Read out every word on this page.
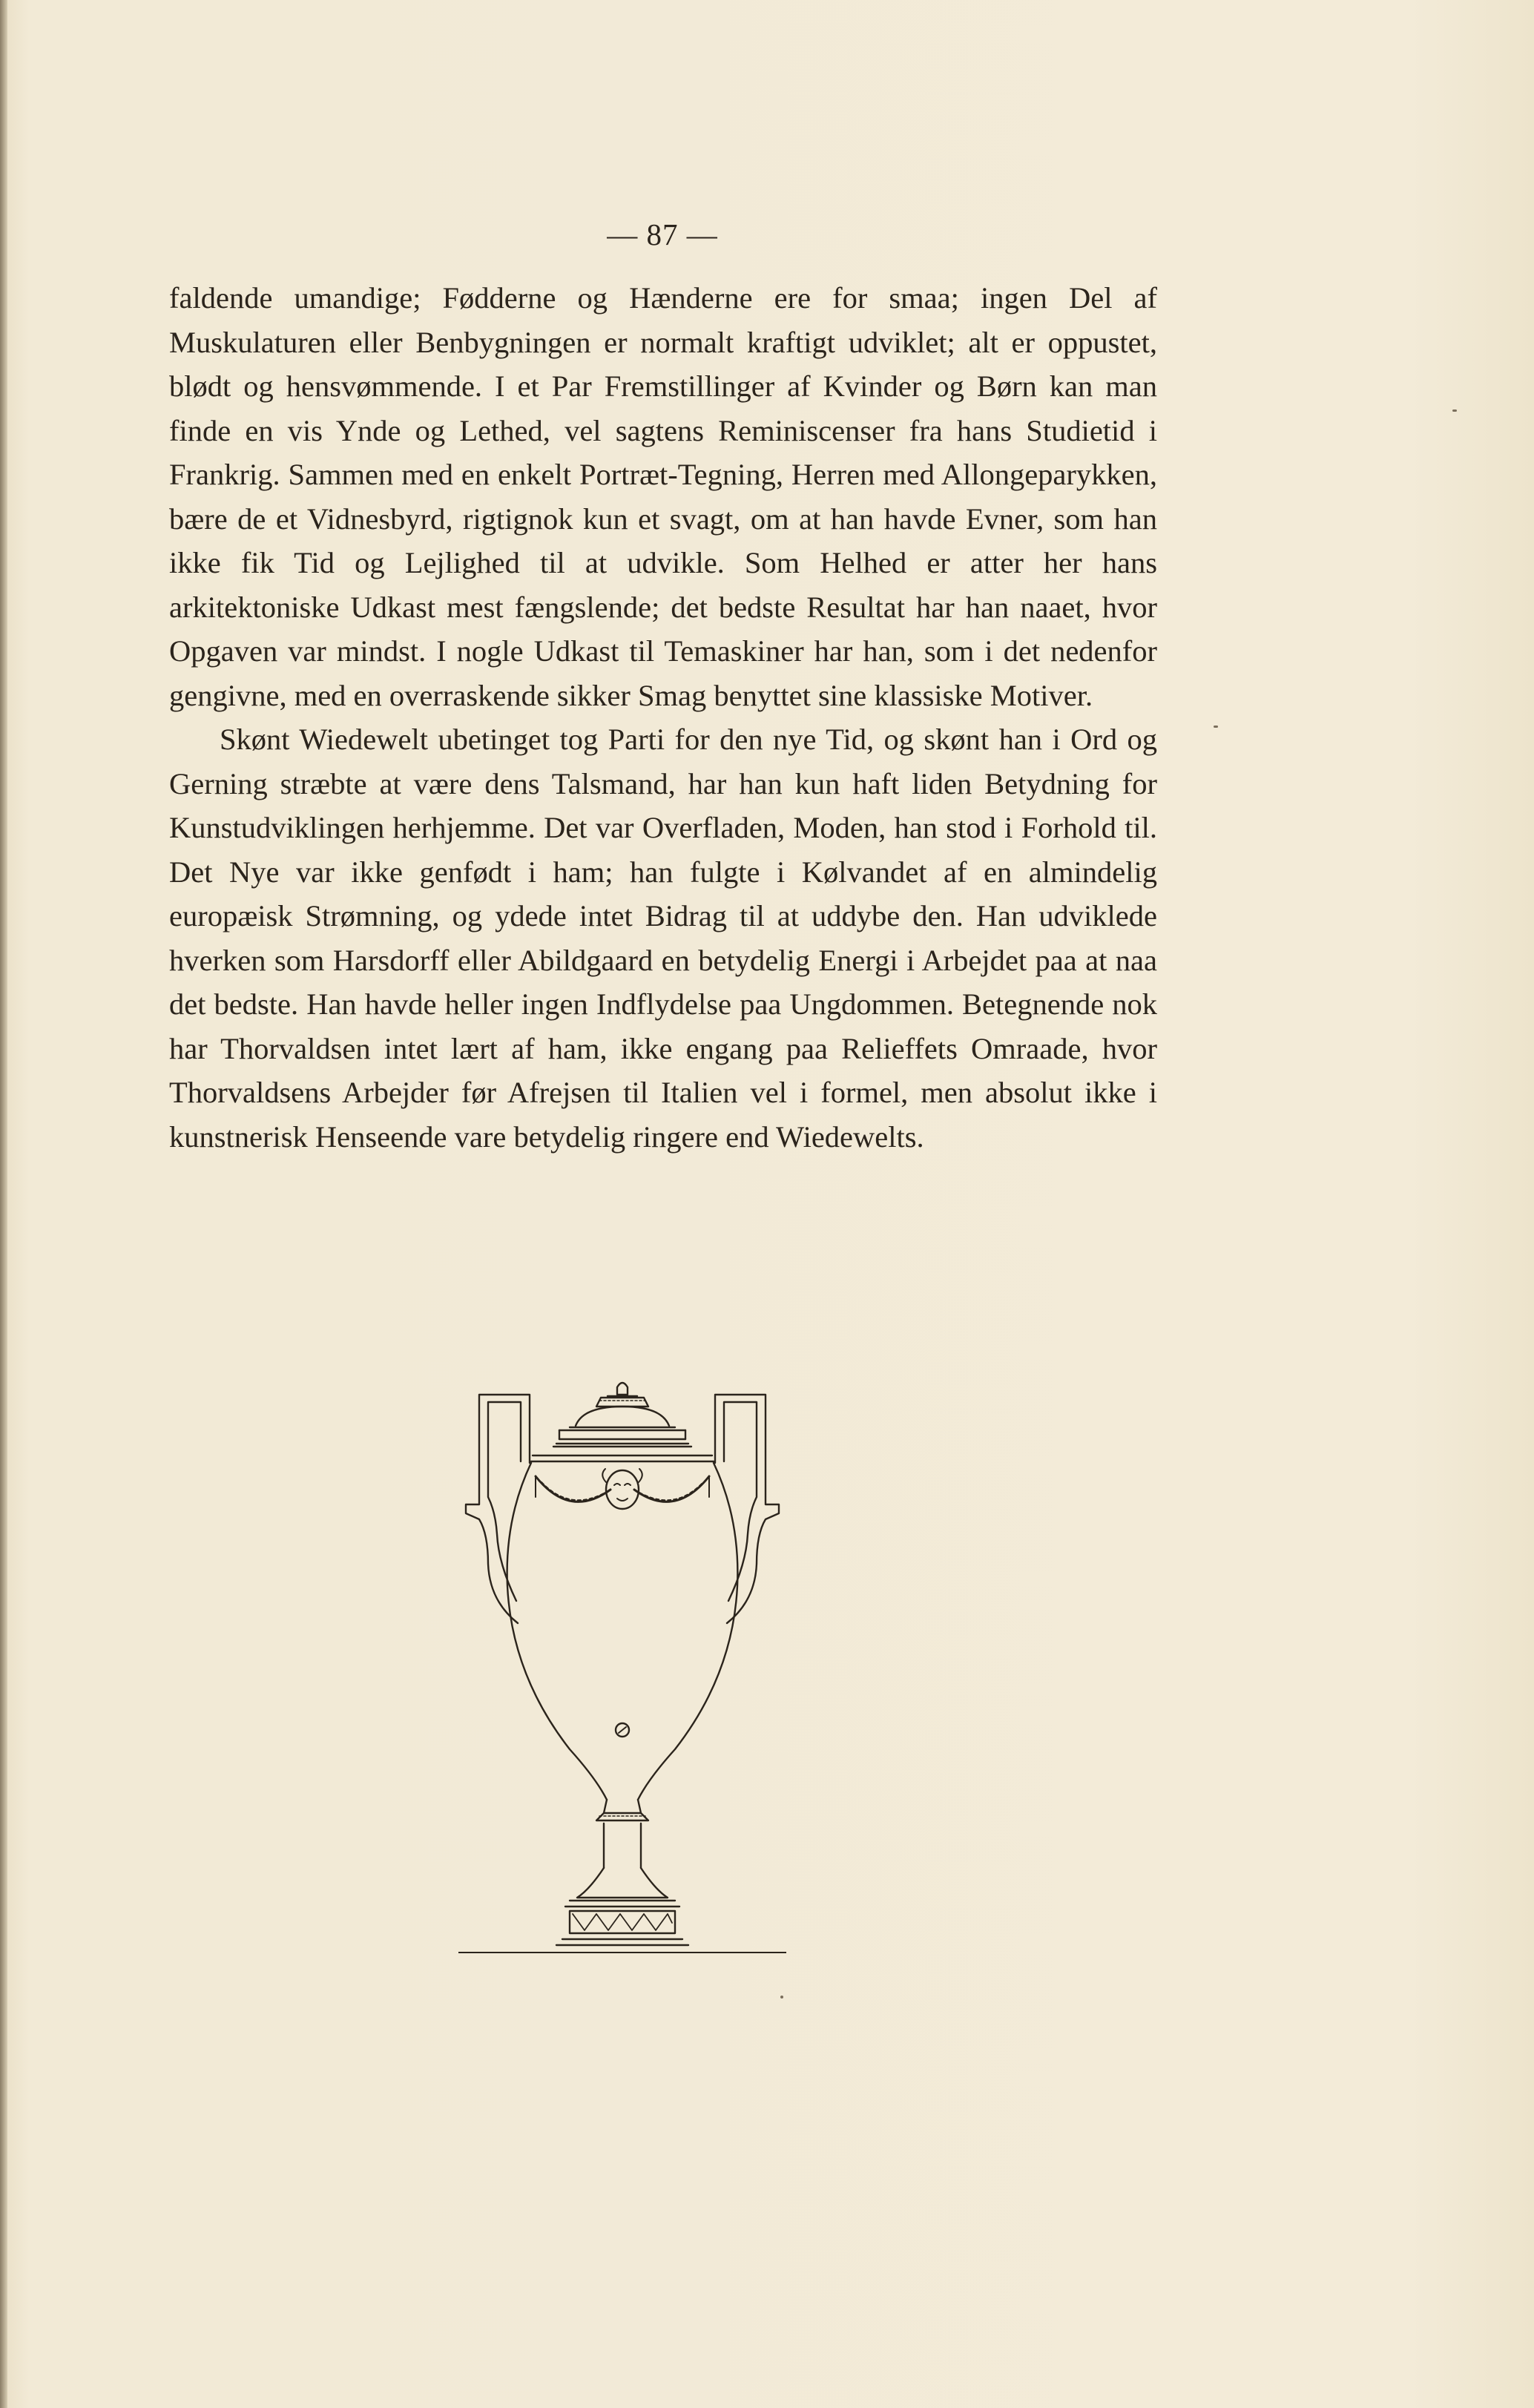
— 87 —

faldende umandige; Fødderne og Hænderne ere for smaa; ingen Del af Muskulaturen eller Benbygningen er normalt kraftigt udviklet; alt er oppustet, blødt og hensvømmende. I et Par Fremstillinger af Kvinder og Børn kan man finde en vis Ynde og Lethed, vel sagtens Reminiscenser fra hans Studietid i Frankrig. Sammen med en enkelt Portræt-Tegning, Herren med Allongeparykken, bære de et Vidnesbyrd, rigtignok kun et svagt, om at han havde Evner, som han ikke fik Tid og Lejlighed til at udvikle. Som Helhed er atter her hans arkitektoniske Udkast mest fængslende; det bedste Resultat har han naaet, hvor Opgaven var mindst. I nogle Udkast til Temaskiner har han, som i det nedenfor gengivne, med en overraskende sikker Smag benyttet sine klassiske Motiver.

Skønt Wiedewelt ubetinget tog Parti for den nye Tid, og skønt han i Ord og Gerning stræbte at være dens Talsmand, har han kun haft liden Betydning for Kunstudviklingen herhjemme. Det var Overfladen, Moden, han stod i Forhold til. Det Nye var ikke genfødt i ham; han fulgte i Kølvandet af en almindelig europæisk Strømning, og ydede intet Bidrag til at uddybe den. Han udviklede hverken som Harsdorff eller Abildgaard en betydelig Energi i Arbejdet paa at naa det bedste. Han havde heller ingen Indflydelse paa Ungdommen. Betegnende nok har Thorvaldsen intet lært af ham, ikke engang paa Relieffets Omraade, hvor Thorvaldsens Arbejder før Afrejsen til Italien vel i formel, men absolut ikke i kunstnerisk Henseende vare betydelig ringere end Wiedewelts.
